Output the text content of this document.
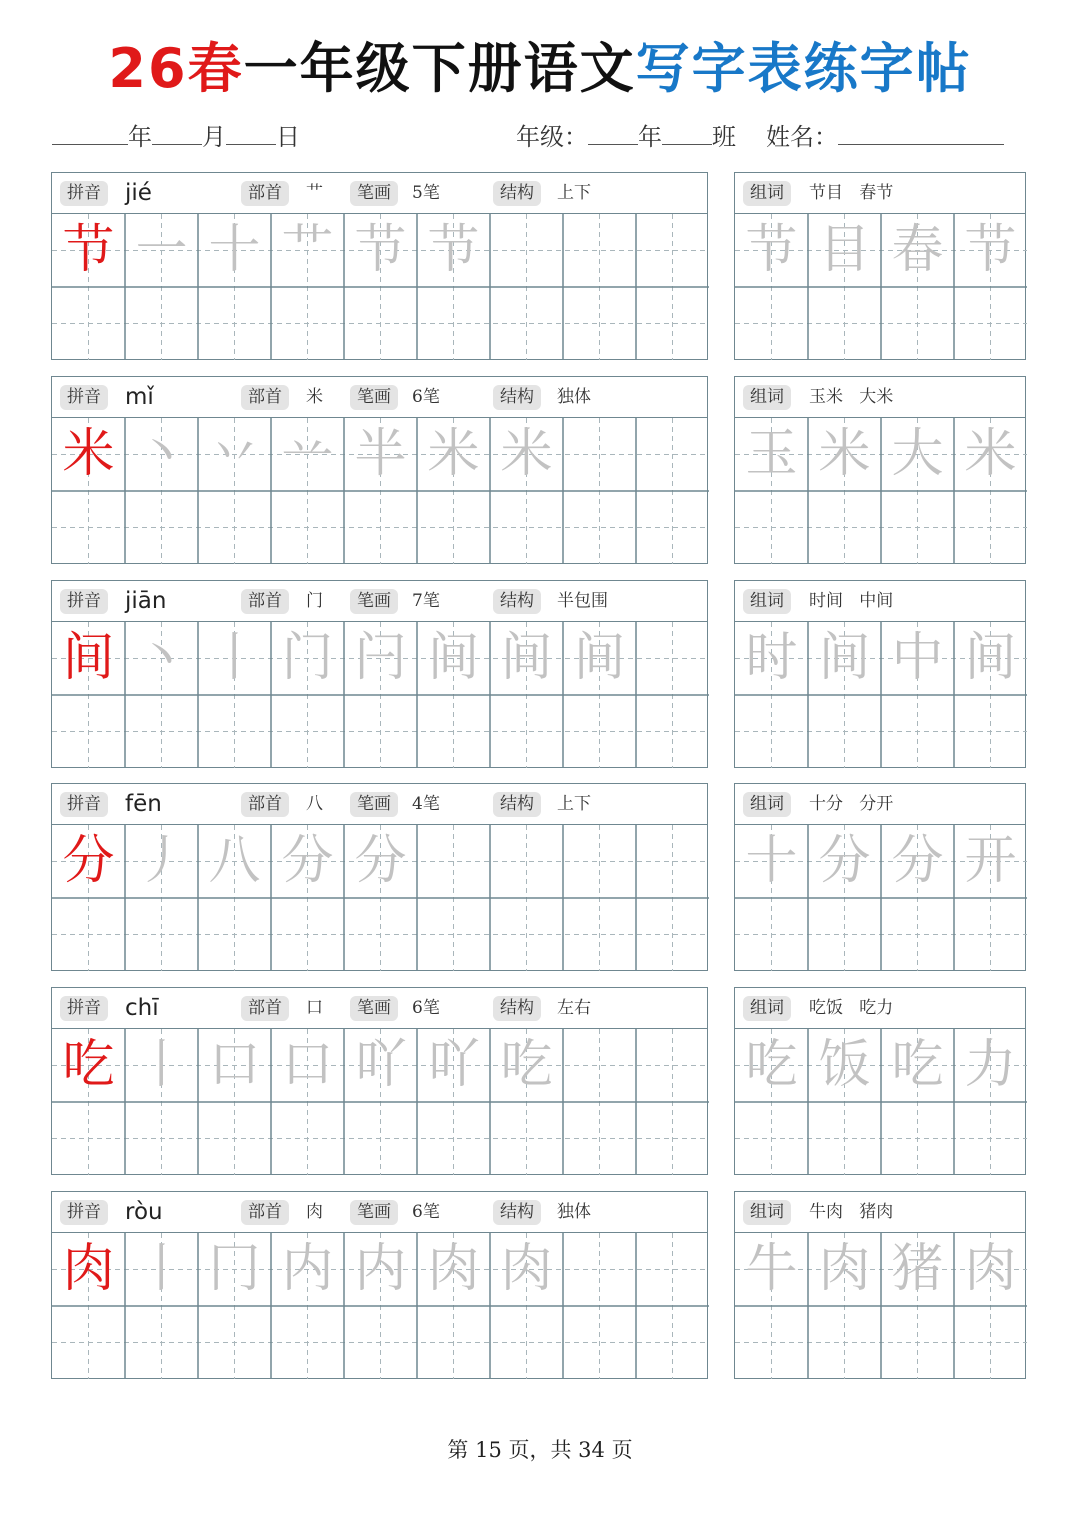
26春一年级下册语文写字表练字帖
年 月 日	年级： 年 班 姓名：
拼音	jié	部首	艹	笔画	5笔	结构	上下
节 一 十 艹 节 节
组词	节目   春节
节 目 春 节
拼音	mǐ	部首	米	笔画	6笔	结构	独体
米 丶 丷 䒑 半 米 米
组词	玉米   大米
玉 米 大 米
拼音	jiān	部首	门	笔画	7笔	结构	半包围
间 丶 丨 门 闩 间 间 间
组词	时间   中间
时 间 中 间
拼音	fēn	部首	八	笔画	4笔	结构	上下
分 丿 八 分 分
组词	十分   分开
十 分 分 开
拼音	chī	部首	口	笔画	6笔	结构	左右
吃 丨 口 口 吖 吖 吃
组词	吃饭   吃力
吃 饭 吃 力
拼音	ròu	部首	肉	笔画	6笔	结构	独体
肉 丨 冂 内 内 肉 肉
组词	牛肉   猪肉
牛 肉 猪 肉
第 15 页，共 34 页
